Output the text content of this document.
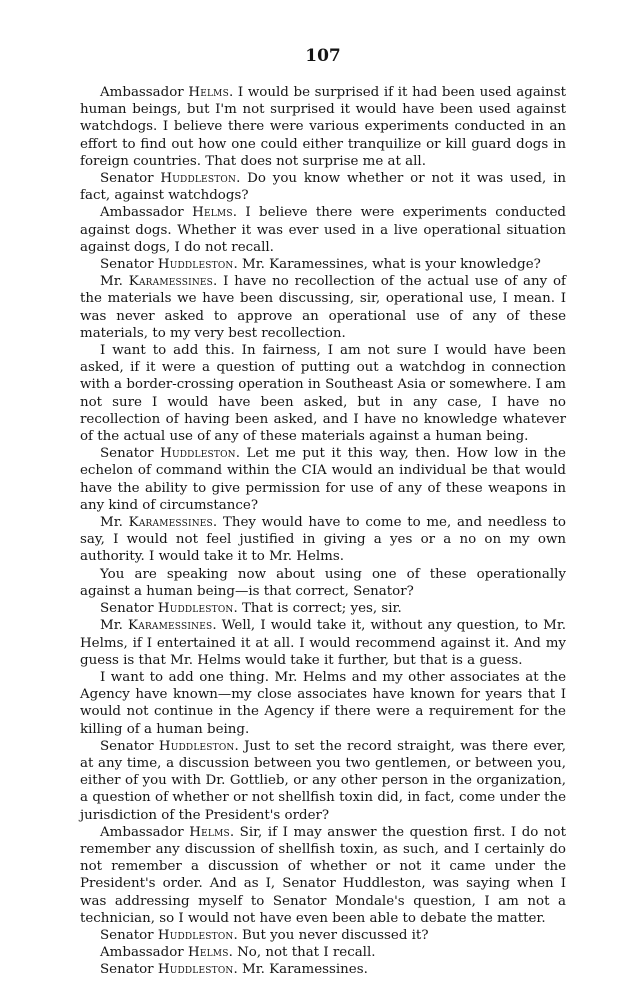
107

Ambassador Helms. I would be surprised if it had been used against human beings, but I'm not surprised it would have been used against watchdogs. I believe there were various experiments conducted in an effort to find out how one could either tranquilize or kill guard dogs in foreign countries. That does not surprise me at all.

Senator Huddleston. Do you know whether or not it was used, in fact, against watchdogs?

Ambassador Helms. I believe there were experiments conducted against dogs. Whether it was ever used in a live operational situation against dogs, I do not recall.

Senator Huddleston. Mr. Karamessines, what is your knowledge?

Mr. Karamessines. I have no recollection of the actual use of any of the materials we have been discussing, sir, operational use, I mean. I was never asked to approve an operational use of any of these materials, to my very best recollection.

I want to add this. In fairness, I am not sure I would have been asked, if it were a question of putting out a watchdog in connection with a border-crossing operation in Southeast Asia or somewhere. I am not sure I would have been asked, but in any case, I have no recollection of having been asked, and I have no knowledge whatever of the actual use of any of these materials against a human being.

Senator Huddleston. Let me put it this way, then. How low in the echelon of command within the CIA would an individual be that would have the ability to give permission for use of any of these weapons in any kind of circumstance?

Mr. Karamessines. They would have to come to me, and needless to say, I would not feel justified in giving a yes or a no on my own authority. I would take it to Mr. Helms.

You are speaking now about using one of these operationally against a human being—is that correct, Senator?

Senator Huddleston. That is correct; yes, sir.

Mr. Karamessines. Well, I would take it, without any question, to Mr. Helms, if I entertained it at all. I would recommend against it. And my guess is that Mr. Helms would take it further, but that is a guess.

I want to add one thing. Mr. Helms and my other associates at the Agency have known—my close associates have known for years that I would not continue in the Agency if there were a requirement for the killing of a human being.

Senator Huddleston. Just to set the record straight, was there ever, at any time, a discussion between you two gentlemen, or between you, either of you with Dr. Gottlieb, or any other person in the organization, a question of whether or not shellfish toxin did, in fact, come under the jurisdiction of the President's order?

Ambassador Helms. Sir, if I may answer the question first. I do not remember any discussion of shellfish toxin, as such, and I certainly do not remember a discussion of whether or not it came under the President's order. And as I, Senator Huddleston, was saying when I was addressing myself to Senator Mondale's question, I am not a technician, so I would not have even been able to debate the matter.

Senator Huddleston. But you never discussed it?

Ambassador Helms. No, not that I recall.

Senator Huddleston. Mr. Karamessines.
